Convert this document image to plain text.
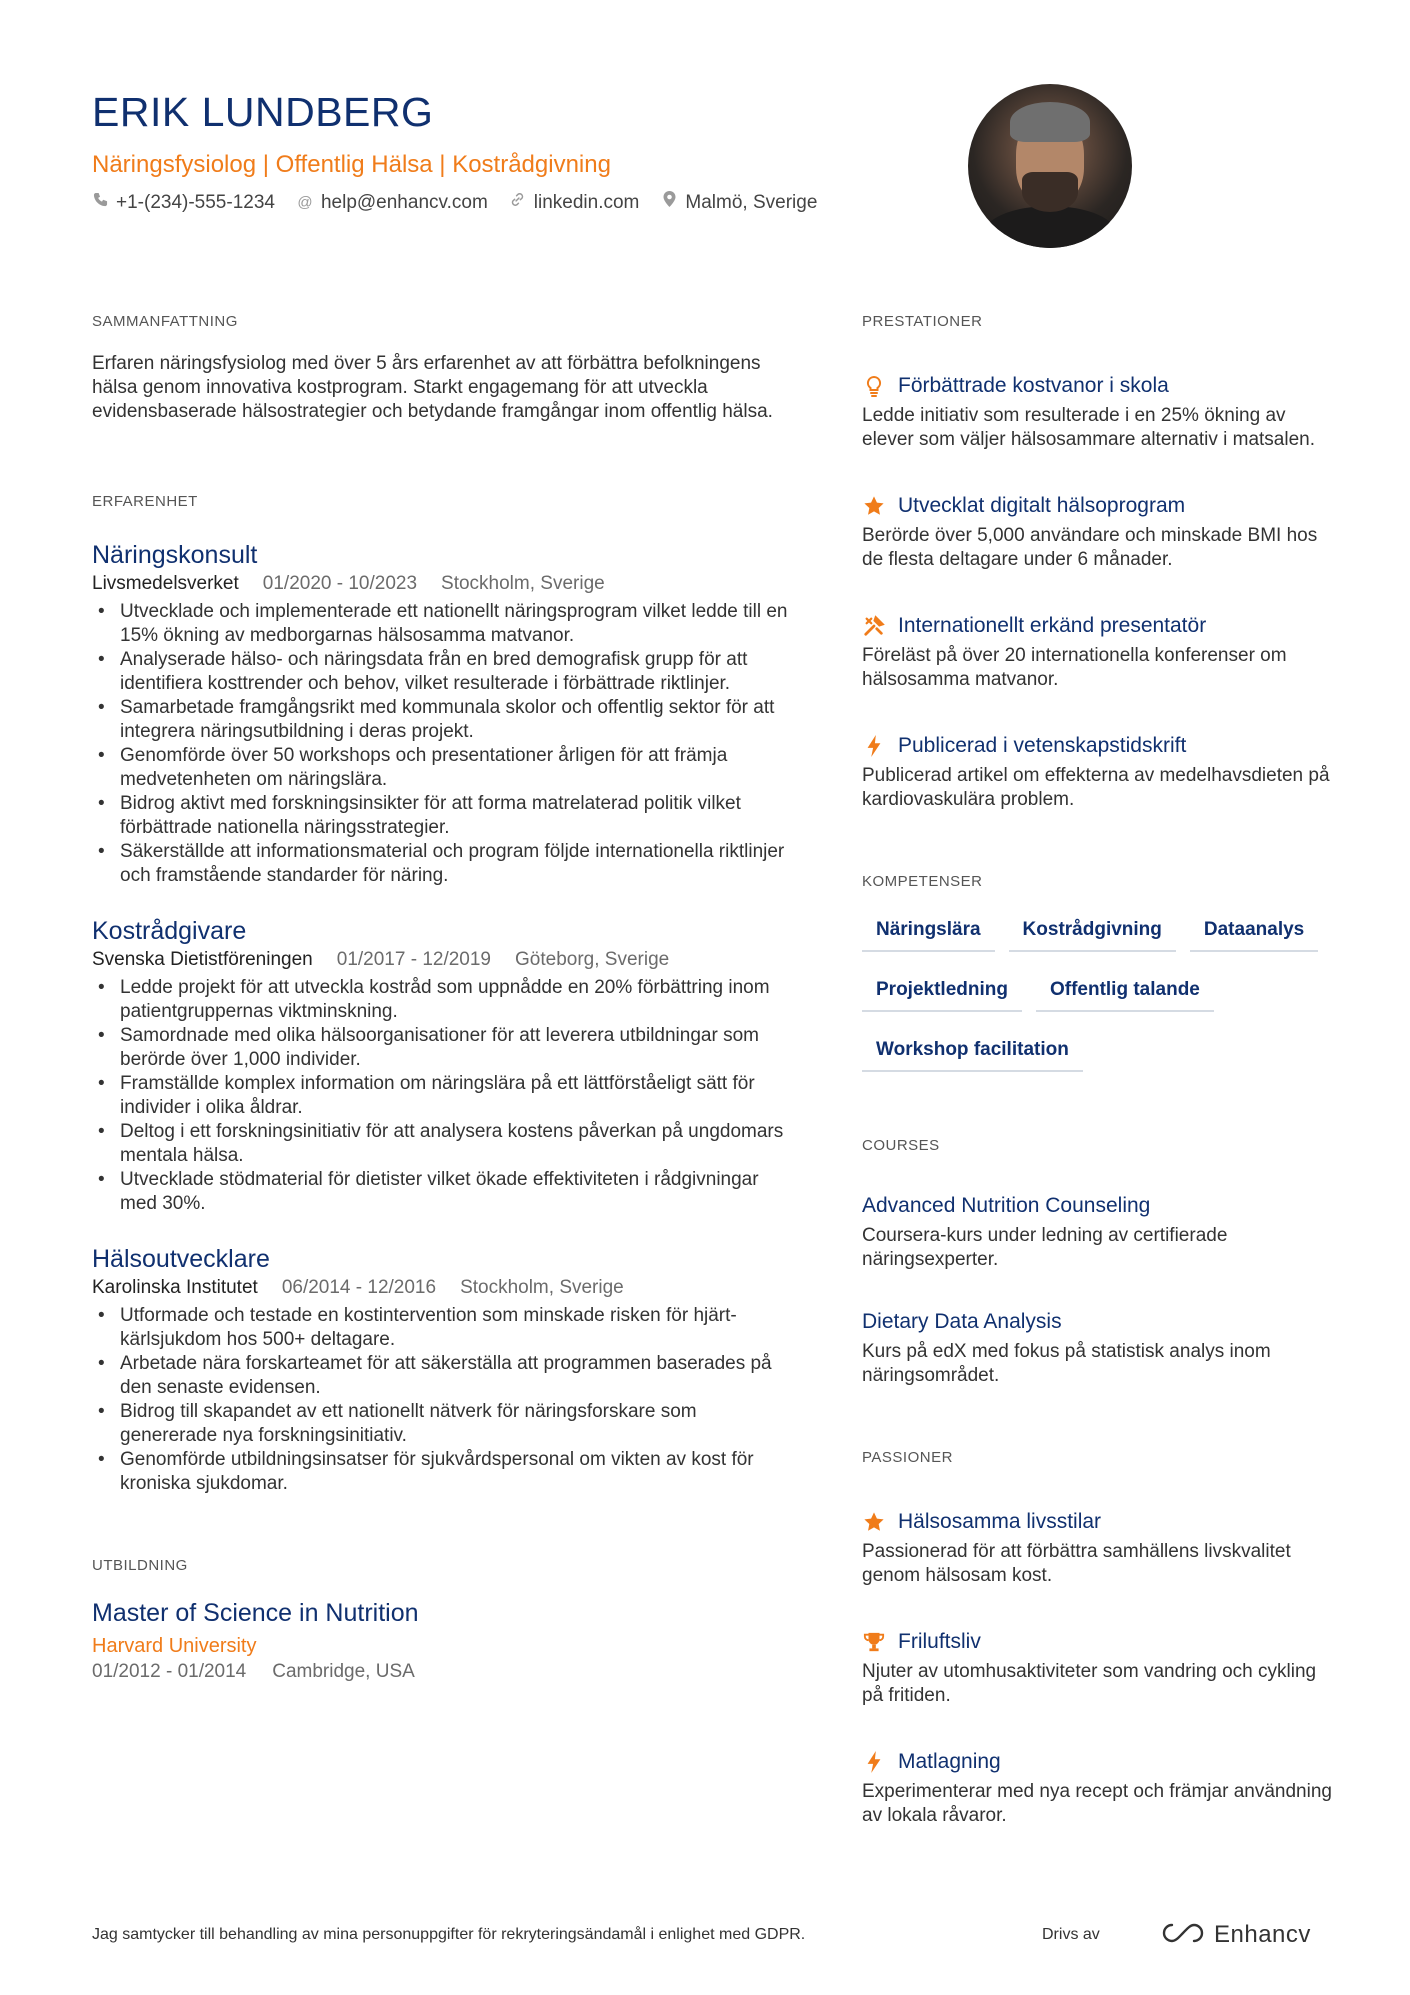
ERIK LUNDBERG
Näringsfysiolog | Offentlig Hälsa | Kostrådgivning
+1-(234)-555-1234 @ help@enhancv.com linkedin.com Malmö, Sverige
SAMMANFATTNING
Erfaren näringsfysiolog med över 5 års erfarenhet av att förbättra befolkningens hälsa genom innovativa kostprogram. Starkt engagemang för att utveckla evidensbaserade hälsostrategier och betydande framgångar inom offentlig hälsa.
ERFARENHET
Näringskonsult
Livsmedelsverket 01/2020 - 10/2023 Stockholm, Sverige
• Utvecklade och implementerade ett nationellt näringsprogram vilket ledde till en 15% ökning av medborgarnas hälsosamma matvanor.
• Analyserade hälso- och näringsdata från en bred demografisk grupp för att identifiera kosttrender och behov, vilket resulterade i förbättrade riktlinjer.
• Samarbetade framgångsrikt med kommunala skolor och offentlig sektor för att integrera näringsutbildning i deras projekt.
• Genomförde över 50 workshops och presentationer årligen för att främja medvetenheten om näringslära.
• Bidrog aktivt med forskningsinsikter för att forma matrelaterad politik vilket förbättrade nationella näringsstrategier.
• Säkerställde att informationsmaterial och program följde internationella riktlinjer och framstående standarder för näring.
Kostrådgivare
Svenska Dietistföreningen 01/2017 - 12/2019 Göteborg, Sverige
• Ledde projekt för att utveckla kostråd som uppnådde en 20% förbättring inom patientgruppernas viktminskning.
• Samordnade med olika hälsoorganisationer för att leverera utbildningar som berörde över 1,000 individer.
• Framställde komplex information om näringslära på ett lättförståeligt sätt för individer i olika åldrar.
• Deltog i ett forskningsinitiativ för att analysera kostens påverkan på ungdomars mentala hälsa.
• Utvecklade stödmaterial för dietister vilket ökade effektiviteten i rådgivningar med 30%.
Hälsoutvecklare
Karolinska Institutet 06/2014 - 12/2016 Stockholm, Sverige
• Utformade och testade en kostintervention som minskade risken för hjärt-kärlsjukdom hos 500+ deltagare.
• Arbetade nära forskarteamet för att säkerställa att programmen baserades på den senaste evidensen.
• Bidrog till skapandet av ett nationellt nätverk för näringsforskare som genererade nya forskningsinitiativ.
• Genomförde utbildningsinsatser för sjukvårdspersonal om vikten av kost för kroniska sjukdomar.
UTBILDNING
Master of Science in Nutrition
Harvard University
01/2012 - 01/2014 Cambridge, USA
PRESTATIONER
Förbättrade kostvanor i skola
Ledde initiativ som resulterade i en 25% ökning av elever som väljer hälsosammare alternativ i matsalen.
Utvecklat digitalt hälsoprogram
Berörde över 5,000 användare och minskade BMI hos de flesta deltagare under 6 månader.
Internationellt erkänd presentatör
Föreläst på över 20 internationella konferenser om hälsosamma matvanor.
Publicerad i vetenskapstidskrift
Publicerad artikel om effekterna av medelhavsdieten på kardiovaskulära problem.
KOMPETENSER
Näringslära	Kostrådgivning	Dataanalys
Projektledning	Offentlig talande
Workshop facilitation
COURSES
Advanced Nutrition Counseling
Coursera-kurs under ledning av certifierade näringsexperter.
Dietary Data Analysis
Kurs på edX med fokus på statistisk analys inom näringsområdet.
PASSIONER
Hälsosamma livsstilar
Passionerad för att förbättra samhällens livskvalitet genom hälsosam kost.
Friluftsliv
Njuter av utomhusaktiviteter som vandring och cykling på fritiden.
Matlagning
Experimenterar med nya recept och främjar användning av lokala råvaror.
Jag samtycker till behandling av mina personuppgifter för rekryteringsändamål i enlighet med GDPR.	Drivs av	Enhancv
